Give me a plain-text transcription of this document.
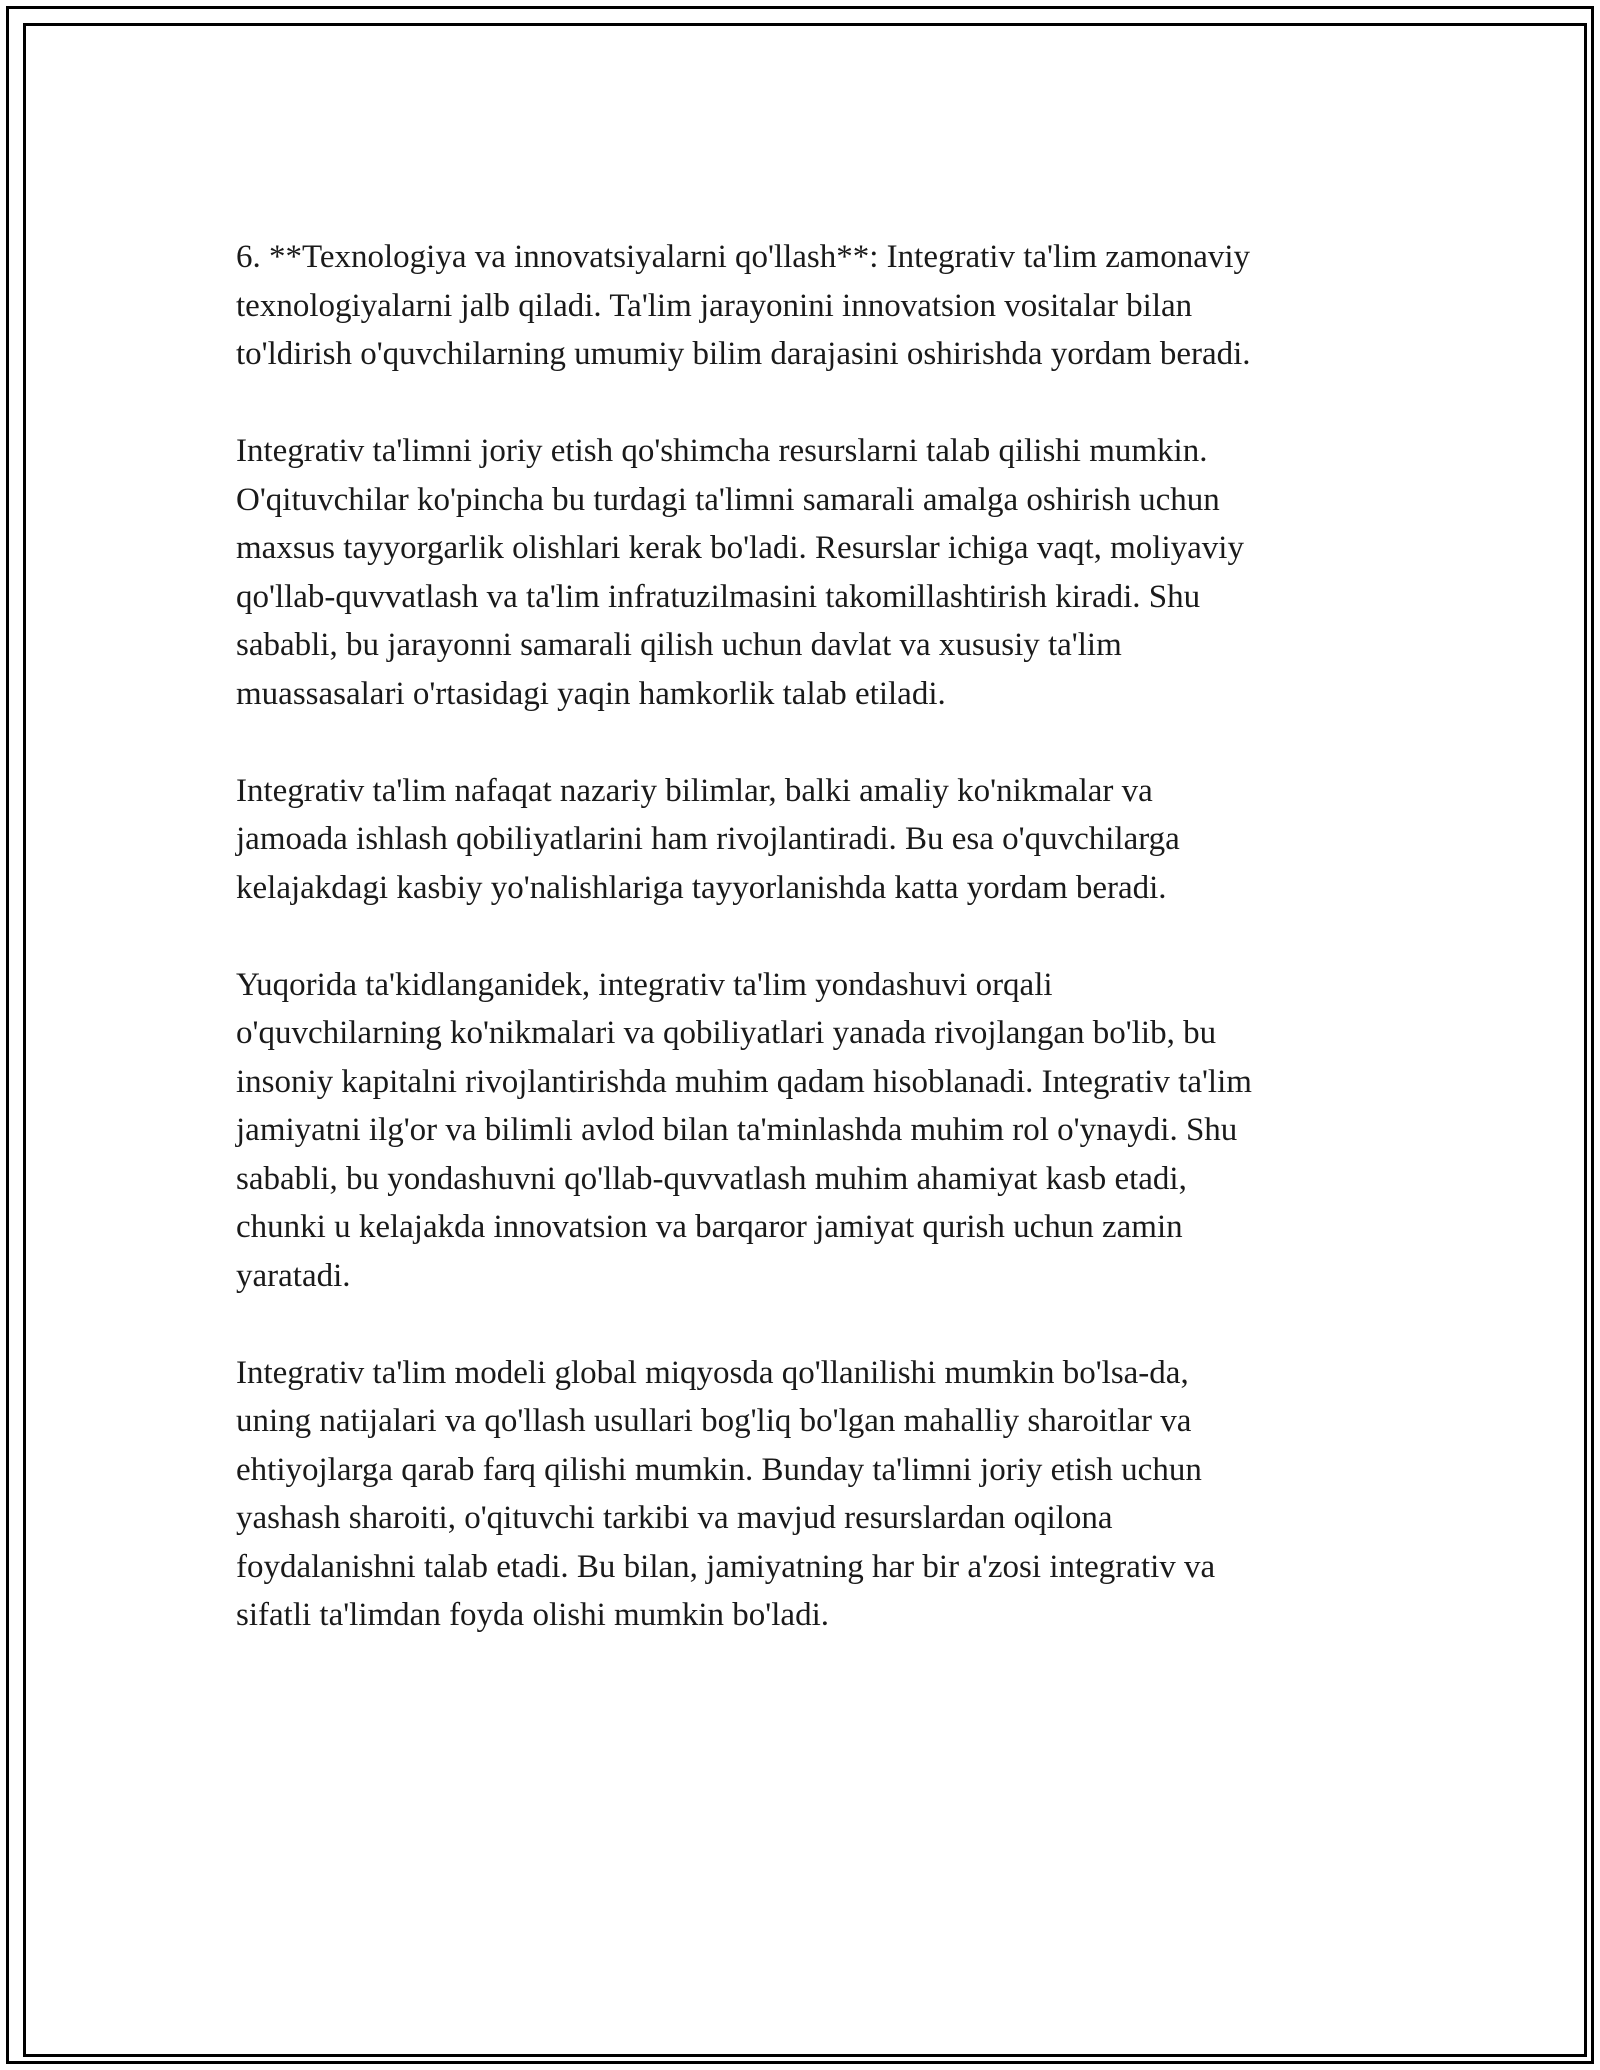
6. **Texnologiya va innovatsiyalarni qo'llash**: Integrativ ta'lim zamonaviy
texnologiyalarni jalb qiladi. Ta'lim jarayonini innovatsion vositalar bilan
to'ldirish o'quvchilarning umumiy bilim darajasini oshirishda yordam beradi.

Integrativ ta'limni joriy etish qo'shimcha resurslarni talab qilishi mumkin.
O'qituvchilar ko'pincha bu turdagi ta'limni samarali amalga oshirish uchun
maxsus tayyorgarlik olishlari kerak bo'ladi. Resurslar ichiga vaqt, moliyaviy
qo'llab-quvvatlash va ta'lim infratuzilmasini takomillashtirish kiradi. Shu
sababli, bu jarayonni samarali qilish uchun davlat va xususiy ta'lim
muassasalari o'rtasidagi yaqin hamkorlik talab etiladi.

Integrativ ta'lim nafaqat nazariy bilimlar, balki amaliy ko'nikmalar va
jamoada ishlash qobiliyatlarini ham rivojlantiradi. Bu esa o'quvchilarga
kelajakdagi kasbiy yo'nalishlariga tayyorlanishda katta yordam beradi.

Yuqorida ta'kidlanganidek, integrativ ta'lim yondashuvi orqali
o'quvchilarning ko'nikmalari va qobiliyatlari yanada rivojlangan bo'lib, bu
insoniy kapitalni rivojlantirishda muhim qadam hisoblanadi. Integrativ ta'lim
jamiyatni ilg'or va bilimli avlod bilan ta'minlashda muhim rol o'ynaydi. Shu
sababli, bu yondashuvni qo'llab-quvvatlash muhim ahamiyat kasb etadi,
chunki u kelajakda innovatsion va barqaror jamiyat qurish uchun zamin
yaratadi.

Integrativ ta'lim modeli global miqyosda qo'llanilishi mumkin bo'lsa-da,
uning natijalari va qo'llash usullari bog'liq bo'lgan mahalliy sharoitlar va
ehtiyojlarga qarab farq qilishi mumkin. Bunday ta'limni joriy etish uchun
yashash sharoiti, o'qituvchi tarkibi va mavjud resurslardan oqilona
foydalanishni talab etadi. Bu bilan, jamiyatning har bir a'zosi integrativ va
sifatli ta'limdan foyda olishi mumkin bo'ladi.
